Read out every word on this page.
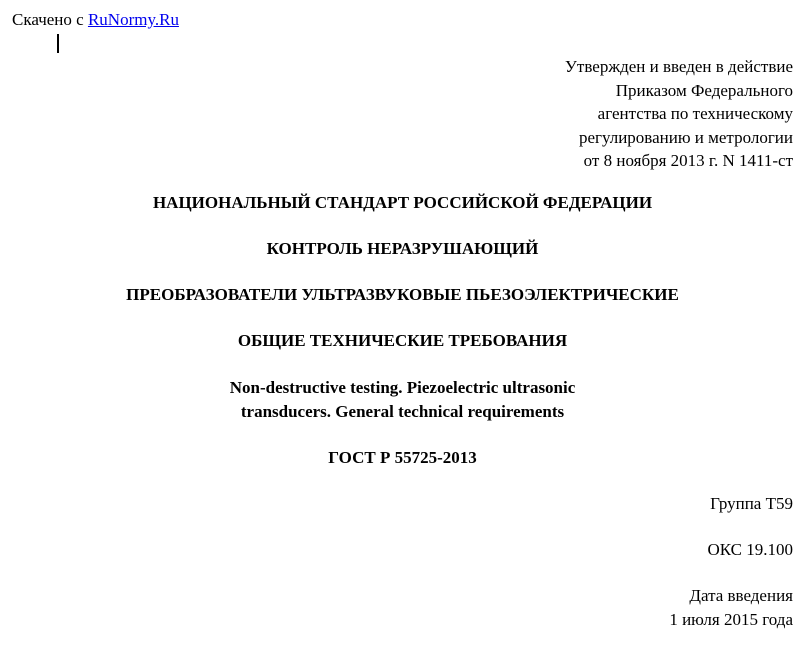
Скачено с RuNormy.Ru
Утвержден и введен в действие
Приказом Федерального
агентства по техническому
регулированию и метрологии
от 8 ноября 2013 г. N 1411-ст
НАЦИОНАЛЬНЫЙ СТАНДАРТ РОССИЙСКОЙ ФЕДЕРАЦИИ
КОНТРОЛЬ НЕРАЗРУШАЮЩИЙ
ПРЕОБРАЗОВАТЕЛИ УЛЬТРАЗВУКОВЫЕ ПЬЕЗОЭЛЕКТРИЧЕСКИЕ
ОБЩИЕ ТЕХНИЧЕСКИЕ ТРЕБОВАНИЯ
Non-destructive testing. Piezoelectric ultrasonic
transducers. General technical requirements
ГОСТ Р 55725-2013
Группа Т59
ОКС 19.100
Дата введения
1 июля 2015 года
